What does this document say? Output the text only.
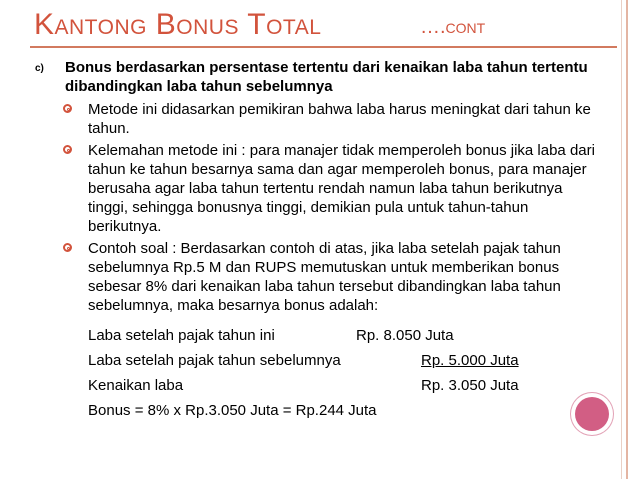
Kantong Bonus Total	….cont
c) Bonus berdasarkan persentase tertentu dari kenaikan laba tahun tertentu dibandingkan laba tahun sebelumnya
Metode ini didasarkan pemikiran bahwa laba harus meningkat dari tahun ke tahun.
Kelemahan metode ini : para manajer tidak memperoleh bonus jika laba dari tahun ke tahun besarnya sama dan agar memperoleh bonus, para manajer berusaha agar laba tahun tertentu rendah namun laba tahun berikutnya tinggi, sehingga bonusnya tinggi, demikian pula untuk tahun-tahun berikutnya.
Contoh soal : Berdasarkan contoh di atas, jika laba setelah pajak tahun sebelumnya Rp.5 M dan RUPS memutuskan untuk memberikan bonus sebesar 8% dari kenaikan laba tahun tersebut dibandingkan laba tahun sebelumnya, maka besarnya bonus adalah:
Laba setelah pajak tahun ini	Rp. 8.050 Juta
Laba setelah pajak tahun sebelumnya	Rp. 5.000 Juta
Kenaikan laba	Rp. 3.050 Juta
Bonus = 8% x Rp.3.050 Juta = Rp.244 Juta
